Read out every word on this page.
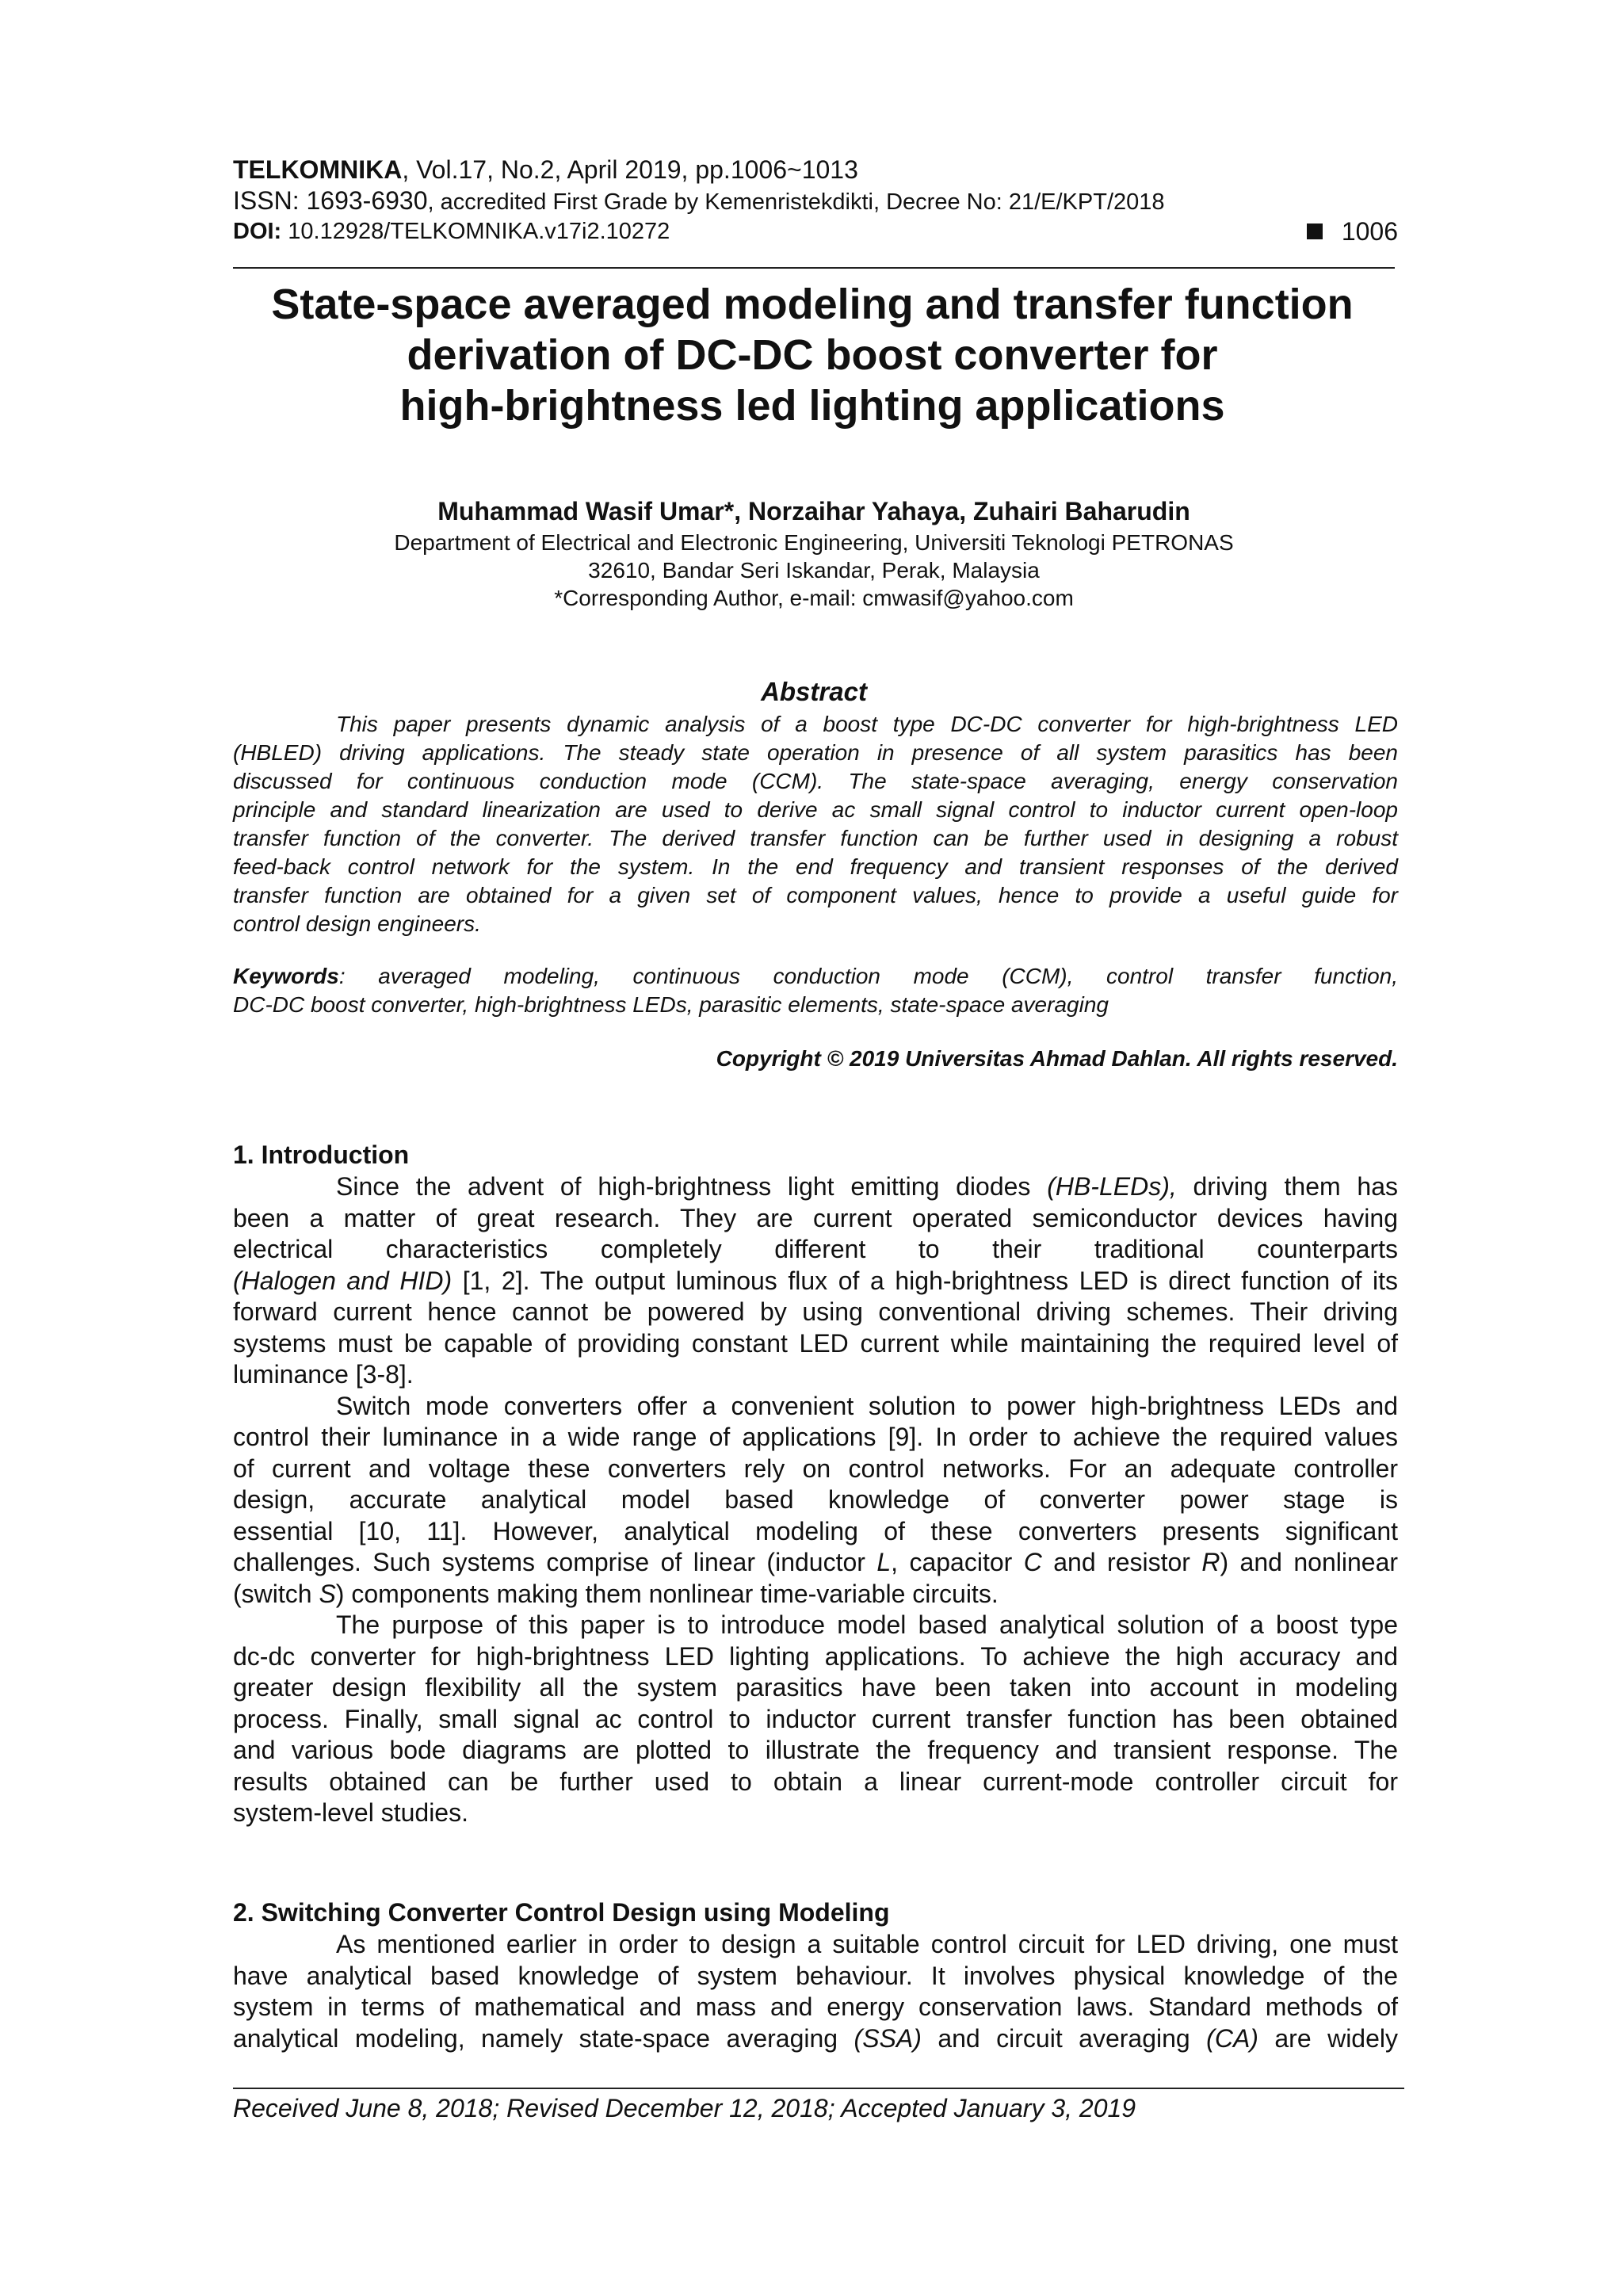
TELKOMNIKA, Vol.17, No.2, April 2019, pp.1006~1013
ISSN: 1693-6930, accredited First Grade by Kemenristekdikti, Decree No: 21/E/KPT/2018
DOI: 10.12928/TELKOMNIKA.v17i2.10272	1006
State-space averaged modeling and transfer function
derivation of DC-DC boost converter for
high-brightness led lighting applications
Muhammad Wasif Umar*, Norzaihar Yahaya, Zuhairi Baharudin
Department of Electrical and Electronic Engineering, Universiti Teknologi PETRONAS
32610, Bandar Seri Iskandar, Perak, Malaysia
*Corresponding Author, e-mail: cmwasif@yahoo.com
Abstract
This paper presents dynamic analysis of a boost type DC-DC converter for high-brightness LED
(HBLED) driving applications. The steady state operation in presence of all system parasitics has been
discussed for continuous conduction mode (CCM). The state-space averaging, energy conservation
principle and standard linearization are used to derive ac small signal control to inductor current open-loop
transfer function of the converter. The derived transfer function can be further used in designing a robust
feed-back control network for the system. In the end frequency and transient responses of the derived
transfer function are obtained for a given set of component values, hence to provide a useful guide for
control design engineers.
Keywords: averaged modeling, continuous conduction mode (CCM), control transfer function,
DC-DC boost converter, high-brightness LEDs, parasitic elements, state-space averaging
Copyright © 2019 Universitas Ahmad Dahlan. All rights reserved.
1. Introduction
Since the advent of high-brightness light emitting diodes (HB-LEDs), driving them has
been a matter of great research. They are current operated semiconductor devices having
electrical characteristics completely different to their traditional counterparts
(Halogen and HID) [1, 2]. The output luminous flux of a high-brightness LED is direct function of its
forward current hence cannot be powered by using conventional driving schemes. Their driving
systems must be capable of providing constant LED current while maintaining the required level of
luminance [3-8].
Switch mode converters offer a convenient solution to power high-brightness LEDs and
control their luminance in a wide range of applications [9]. In order to achieve the required values
of current and voltage these converters rely on control networks. For an adequate controller
design, accurate analytical model based knowledge of converter power stage is
essential [10, 11]. However, analytical modeling of these converters presents significant
challenges. Such systems comprise of linear (inductor L, capacitor C and resistor R) and nonlinear
(switch S) components making them nonlinear time-variable circuits.
The purpose of this paper is to introduce model based analytical solution of a boost type
dc-dc converter for high-brightness LED lighting applications. To achieve the high accuracy and
greater design flexibility all the system parasitics have been taken into account in modeling
process. Finally, small signal ac control to inductor current transfer function has been obtained
and various bode diagrams are plotted to illustrate the frequency and transient response. The
results obtained can be further used to obtain a linear current-mode controller circuit for
system-level studies.
2. Switching Converter Control Design using Modeling
As mentioned earlier in order to design a suitable control circuit for LED driving, one must
have analytical based knowledge of system behaviour. It involves physical knowledge of the
system in terms of mathematical and mass and energy conservation laws. Standard methods of
analytical modeling, namely state-space averaging (SSA) and circuit averaging (CA) are widely
Received June 8, 2018; Revised December 12, 2018; Accepted January 3, 2019
